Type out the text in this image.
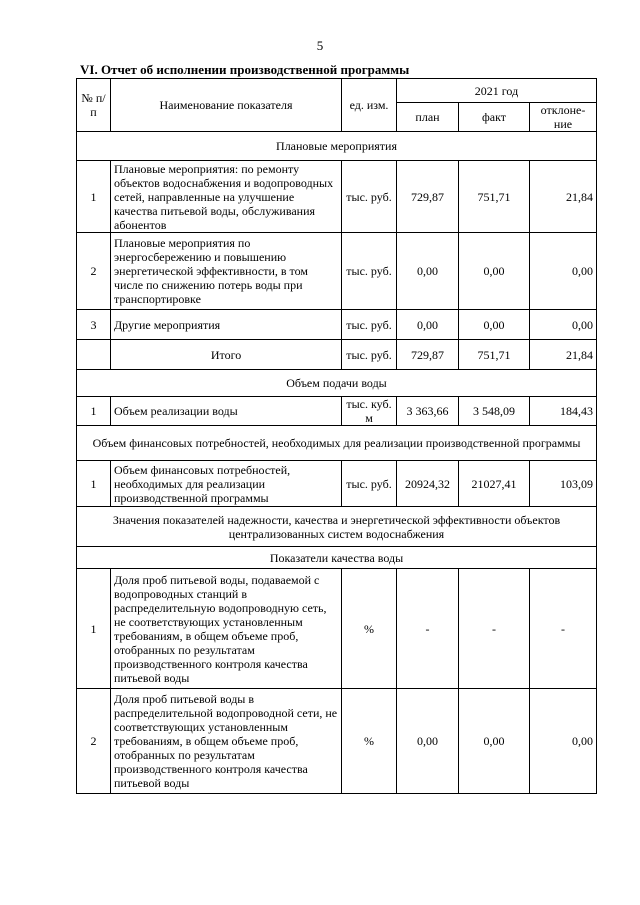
5
VI. Отчет об исполнении производственной программы
№ п/п	Наименование показателя	ед. изм.	2021 год		
			план	факт	отклоне-ние
Плановые мероприятия					
1	Плановые мероприятия: по ремонту объектов водоснабжения и водопроводных сетей, направленные на улучшение качества питьевой воды, обслуживания абонентов	тыс. руб.	729,87	751,71	21,84
2	Плановые мероприятия по энергосбережению и повышению энергетической эффективности, в том числе по снижению потерь воды при транспортировке	тыс. руб.	0,00	0,00	0,00
3	Другие мероприятия	тыс. руб.	0,00	0,00	0,00
	Итого	тыс. руб.	729,87	751,71	21,84
Объем подачи воды					
1	Объем реализации воды	тыс. куб. м	3 363,66	3 548,09	184,43
Объем финансовых потребностей, необходимых для реализации производственной программы					
1	Объем финансовых потребностей, необходимых для реализации производственной программы	тыс. руб.	20924,32	21027,41	103,09
Значения показателей надежности, качества и энергетической эффективности объектов централизованных систем водоснабжения					
Показатели качества воды					
1	Доля проб питьевой воды, подаваемой с водопроводных станций в распределительную водопроводную сеть, не соответствующих установленным требованиям, в общем объеме проб, отобранных по результатам производственного контроля качества питьевой воды	%	-	-	-
2	Доля проб питьевой воды в распределительной водопроводной сети, не соответствующих установленным требованиям, в общем объеме проб, отобранных по результатам производственного контроля качества питьевой воды	%	0,00	0,00	0,00
